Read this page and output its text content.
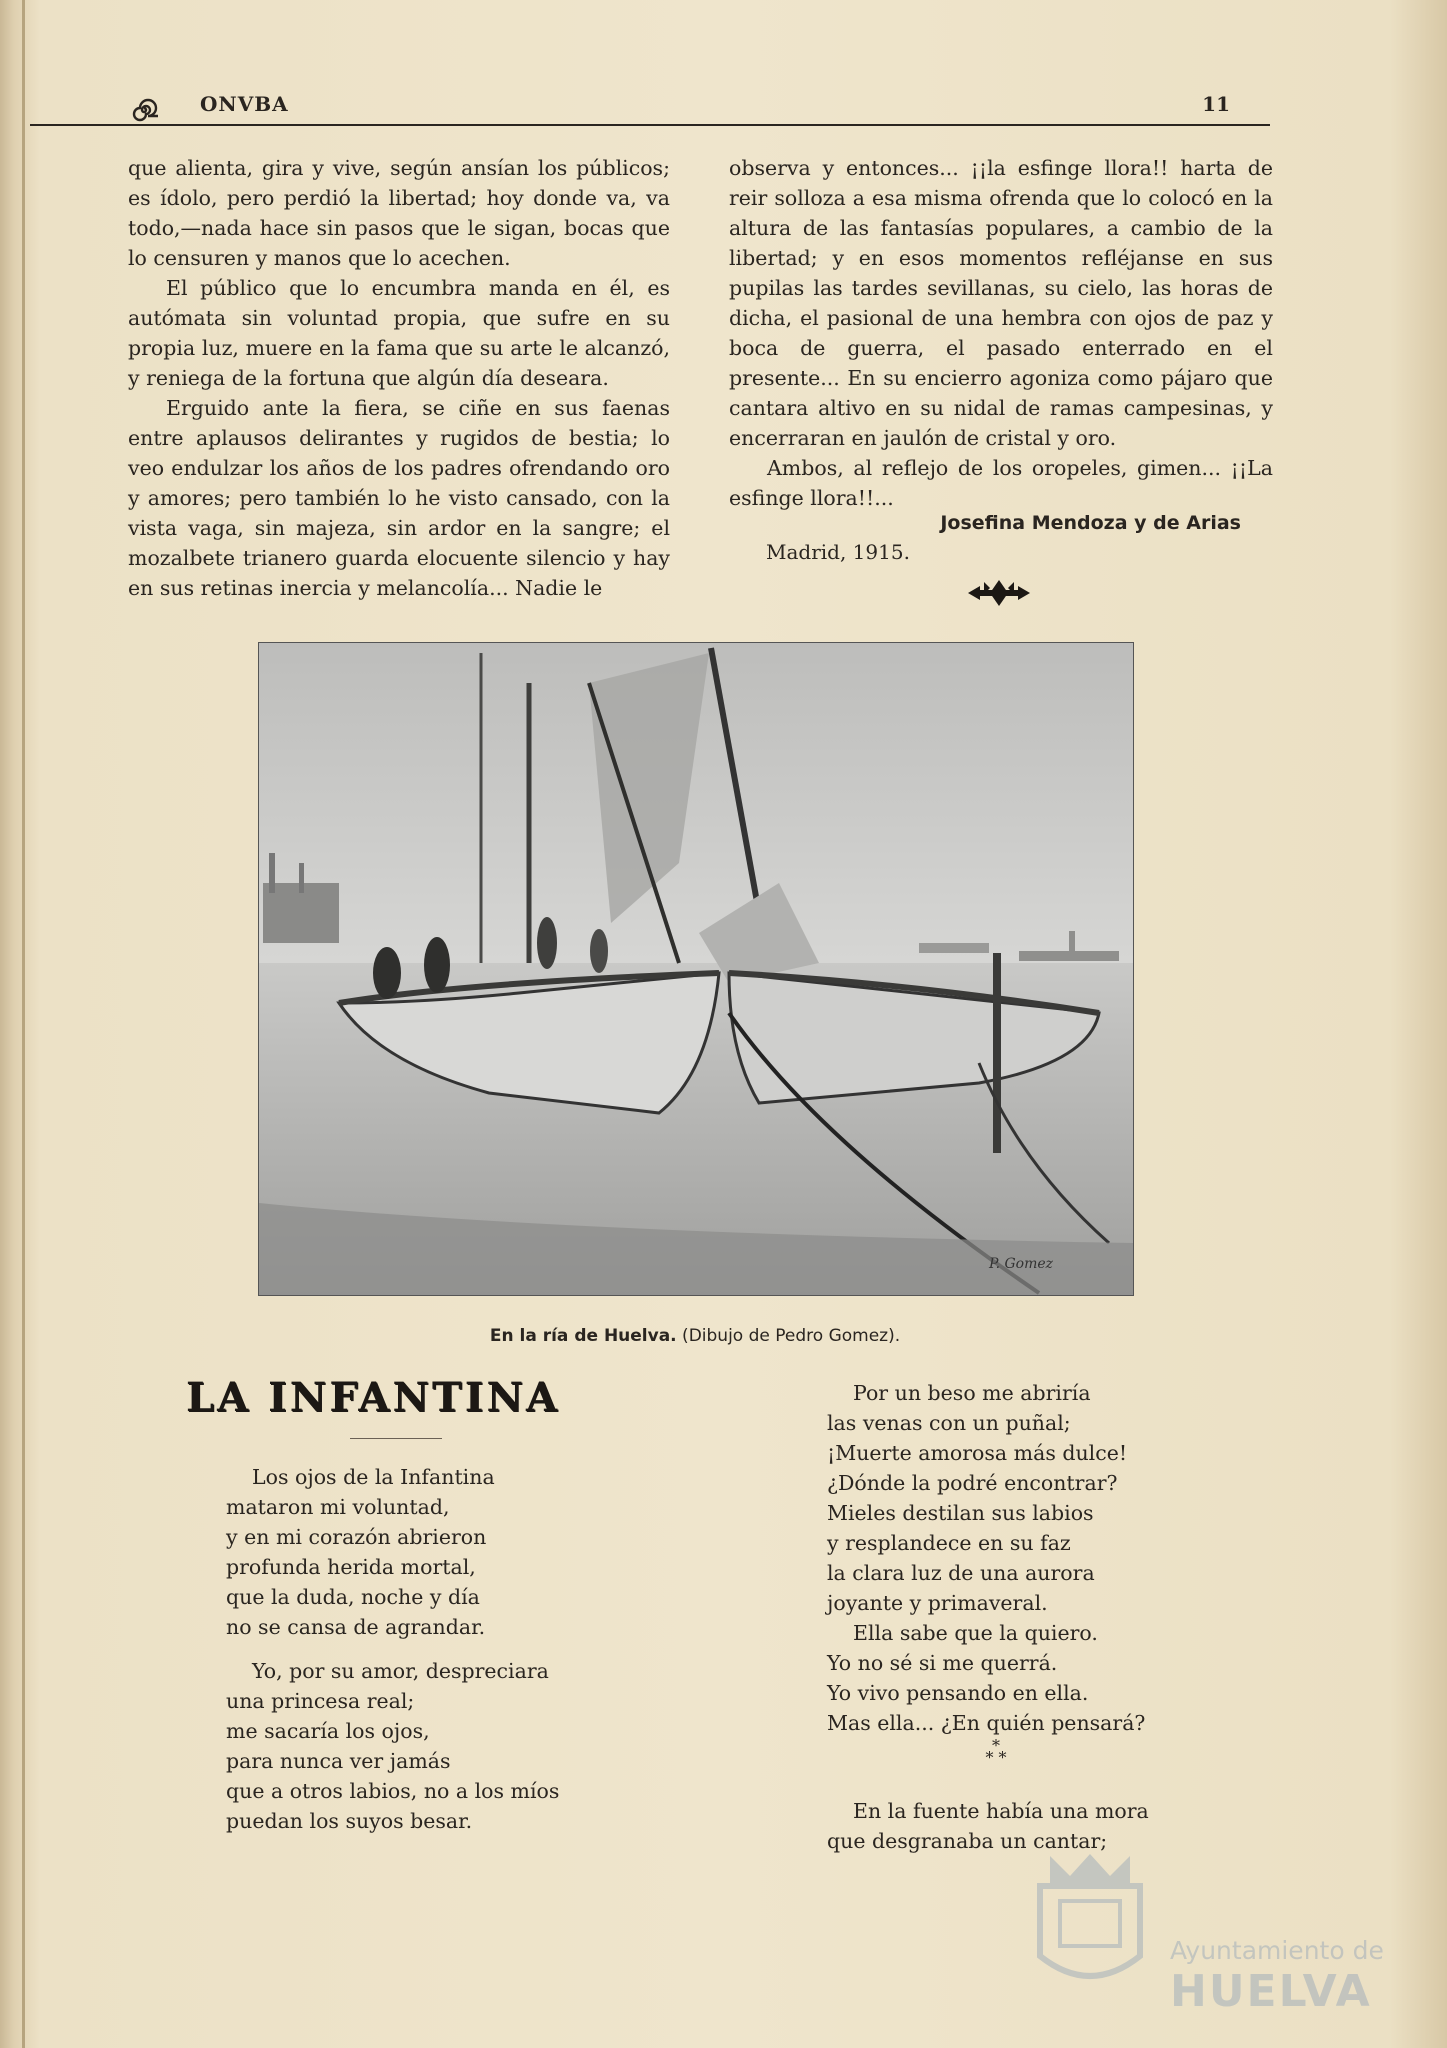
ONVBA	11

que alienta, gira y vive, según ansían los públicos; es ídolo, pero perdió la libertad; hoy donde va, va todo,—nada hace sin pasos que le sigan, bocas que lo censuren y manos que lo acechen.

El público que lo encumbra manda en él, es autómata sin voluntad propia, que sufre en su propia luz, muere en la fama que su arte le alcanzó, y reniega de la fortuna que algún día deseara.

Erguido ante la fiera, se ciñe en sus faenas entre aplausos delirantes y rugidos de bestia; lo veo endulzar los años de los padres ofrendando oro y amores; pero también lo he visto cansado, con la vista vaga, sin majeza, sin ardor en la sangre; el mozalbete trianero guarda elocuente silencio y hay en sus retinas inercia y melancolía... Nadie le

observa y entonces... ¡¡la esfinge llora!! harta de reir solloza a esa misma ofrenda que lo colocó en la altura de las fantasías populares, a cambio de la libertad; y en esos momentos refléjanse en sus pupilas las tardes sevillanas, su cielo, las horas de dicha, el pasional de una hembra con ojos de paz y boca de guerra, el pasado enterrado en el presente... En su encierro agoniza como pájaro que cantara altivo en su nidal de ramas campesinas, y encerraran en jaulón de cristal y oro.

Ambos, al reflejo de los oropeles, gimen... ¡¡La esfinge llora!!...

Josefina Mendoza y de Arias
Madrid, 1915.
P. Gomez
En la ría de Huelva. (Dibujo de Pedro Gomez).
LA INFANTINA
Los ojos de la Infantina
mataron mi voluntad,
y en mi corazón abrieron
profunda herida mortal,
que la duda, noche y día
no se cansa de agrandar.
Yo, por su amor, despreciara
una princesa real;
me sacaría los ojos,
para nunca ver jamás
que a otros labios, no a los míos
puedan los suyos besar.
Por un beso me abriría
las venas con un puñal;
¡Muerte amorosa más dulce!
¿Dónde la podré encontrar?
Mieles destilan sus labios
y resplandece en su faz
la clara luz de una aurora
joyante y primaveral.
Ella sabe que la quiero.
Yo no sé si me querrá.
Yo vivo pensando en ella.
Mas ella... ¿En quién pensará?
En la fuente había una mora
que desgranaba un cantar;
*
* *
Ayuntamiento de
HUELVA
